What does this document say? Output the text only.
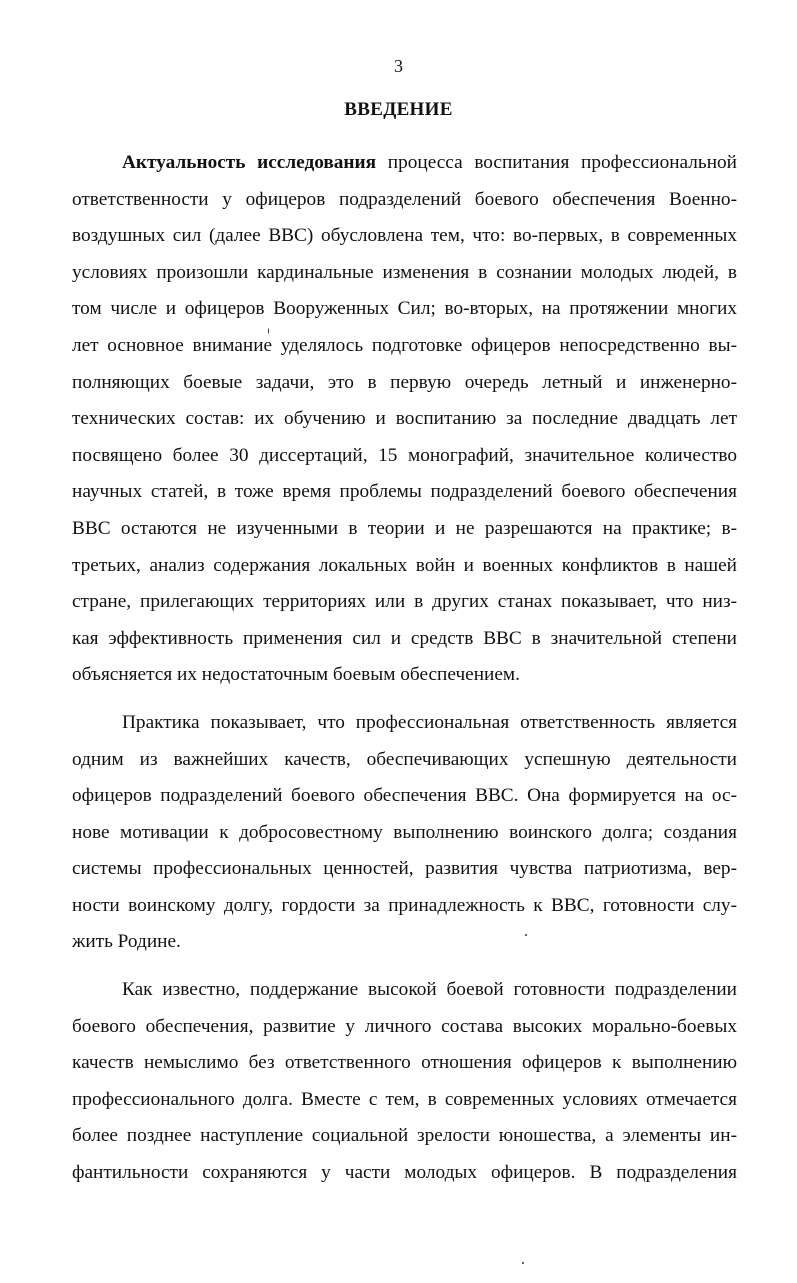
3
ВВЕДЕНИЕ
Актуальность исследования процесса воспитания профессиональной
ответственности у офицеров подразделений боевого обеспечения Военно-
воздушных сил (далее ВВС) обусловлена тем, что: во-первых, в современных
условиях произошли кардинальные изменения в сознании молодых людей, в
том числе и офицеров Вооруженных Сил; во-вторых, на протяжении многих
лет основное внимание уделялось подготовке офицеров непосредственно вы-
полняющих боевые задачи, это в первую очередь летный и инженерно-
технических состав: их обучению и воспитанию за последние двадцать лет
посвящено более 30 диссертаций, 15 монографий, значительное количество
научных статей, в тоже время проблемы подразделений боевого обеспечения
ВВС остаются не изученными в теории и не разрешаются на практике; в-
третьих, анализ содержания локальных войн и военных конфликтов в нашей
стране, прилегающих территориях или в других станах показывает, что низ-
кая эффективность применения сил и средств ВВС в значительной степени
объясняется их недостаточным боевым обеспечением.
Практика показывает, что профессиональная ответственность является
одним из важнейших качеств, обеспечивающих успешную деятельности
офицеров подразделений боевого обеспечения ВВС. Она формируется на ос-
нове мотивации к добросовестному выполнению воинского долга; создания
системы профессиональных ценностей, развития чувства патриотизма, вер-
ности воинскому долгу, гордости за принадлежность к ВВС, готовности слу-
жить Родине.
Как известно, поддержание высокой боевой готовности подразделении
боевого обеспечения, развитие у личного состава высоких морально-боевых
качеств немыслимо без ответственного отношения офицеров к выполнению
профессионального долга. Вместе с тем, в современных условиях отмечается
более позднее наступление социальной зрелости юношества, а элементы ин-
фантильности сохраняются у части молодых офицеров. В подразделения
